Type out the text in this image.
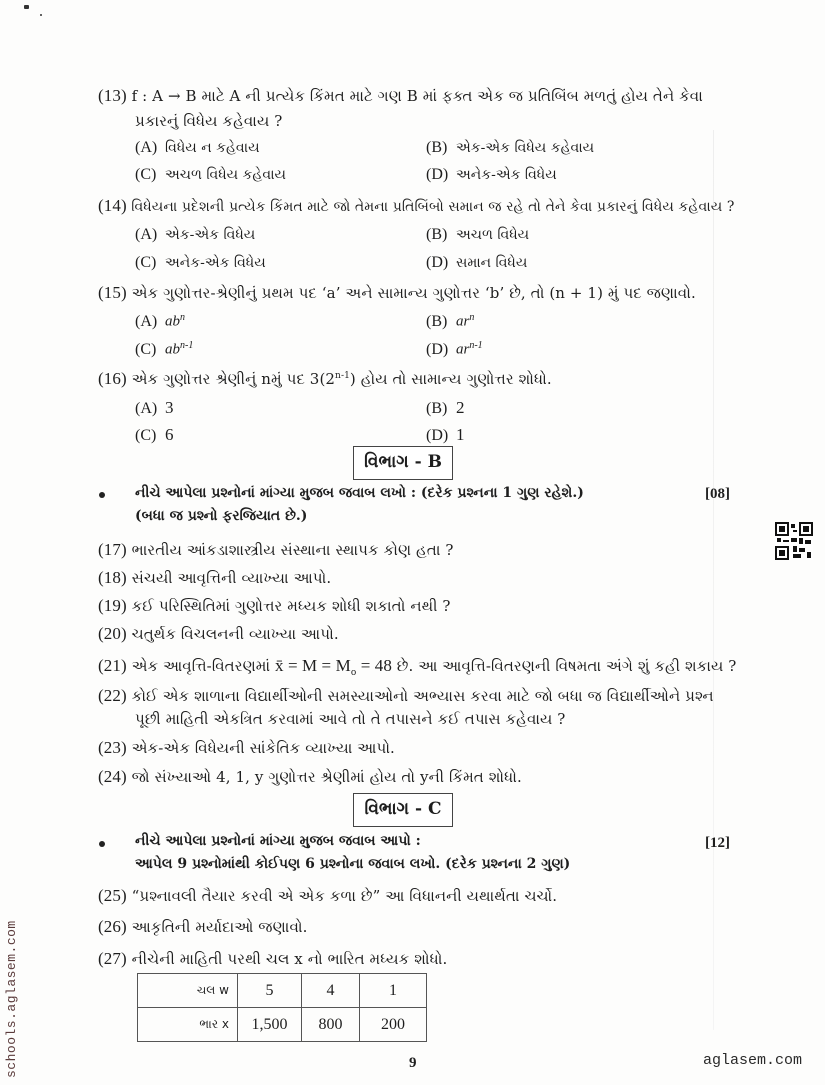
(13) f : A → B માટે A ની પ્રત્યેક કિંમત માટે ગણ B માં ફક્ત એક જ પ્રતિબિંબ મળતું હોય તેને કેવા
પ્રકારનું વિધેય કહેવાય ?
(A) વિધેય ન કહેવાય	(B) એક-એક વિધેય કહેવાય
(C) અચળ વિધેય કહેવાય	(D) અનેક-એક વિધેય
(14) વિધેયના પ્રદેશની પ્રત્યેક કિંમત માટે જો તેમના પ્રતિબિંબો સમાન જ રહે તો તેને કેવા પ્રકારનું વિધેય કહેવાય ?
(A) એક-એક વિધેય	(B) અચળ વિધેય
(C) અનેક-એક વિધેય	(D) સમાન વિધેય
(15) એક ગુણોત્તર-શ્રેણીનું પ્રથમ પદ ‘a’ અને સામાન્ય ગુણોત્તર ‘b’ છે, તો (n + 1) મું પદ જણાવો.
(A) $ab^n$	(B) $ar^n$
(C) $ab^{n-1}$	(D) $ar^{n-1}$
(16) એક ગુણોત્તર શ્રેણીનું nમું પદ 3(2$^{n-1}$) હોય તો સામાન્ય ગુણોત્તર શોધો.
(A) 3	(B) 2
(C) 6	(D) 1
વિભાગ - B
નીચે આપેલા પ્રશ્નોનાં માંગ્યા મુજબ જવાબ લખો : (દરેક પ્રશ્નના 1 ગુણ રહેશે.)
(બધા જ પ્રશ્નો ફરજિયાત છે.)
[08]
(17) ભારતીય આંકડાશાસ્ત્રીય સંસ્થાના સ્થાપક કોણ હતા ?
(18) સંચયી આવૃત્તિની વ્યાખ્યા આપો.
(19) કઈ પરિસ્થિતિમાં ગુણોત્તર મધ્યક શોધી શકાતો નથી ?
(20) ચતુર્થક વિચલનની વ્યાખ્યા આપો.
(21) એક આવૃત્તિ-વિતરણમાં x̄ = $M = M_o = 48$ છે. આ આવૃત્તિ-વિતરણની વિષમતા અંગે શું કહી શકાય ?
(22) કોઈ એક શાળાના વિદ્યાર્થીઓની સમસ્યાઓનો અભ્યાસ કરવા માટે જો બધા જ વિદ્યાર્થીઓને પ્રશ્ન
પૂછી માહિતી એકત્રિત કરવામાં આવે તો તે તપાસને કઈ તપાસ કહેવાય ?
(23) એક-એક વિધેયની સાંકેતિક વ્યાખ્યા આપો.
(24) જો સંખ્યાઓ 4, 1, y ગુણોત્તર શ્રેણીમાં હોય તો yની કિંમત શોધો.
વિભાગ - C
નીચે આપેલા પ્રશ્નોનાં માંગ્યા મુજબ જવાબ આપો :
આપેલ 9 પ્રશ્નોમાંથી કોઈપણ 6 પ્રશ્નોના જવાબ લખો. (દરેક પ્રશ્નના 2 ગુણ)
[12]
(25) “પ્રશ્નાવલી તૈયાર કરવી એ એક કળા છે” આ વિધાનની યથાર્થતા ચર્ચો.
(26) આકૃતિની મર્યાદાઓ જણાવો.
(27) નીચેની માહિતી પરથી ચલ x નો ભારિત મધ્યક શોધો.
ચલ w	5	4	1
ભાર x	1,500	800	200
9
schools.aglasem.com	aglasem.com
